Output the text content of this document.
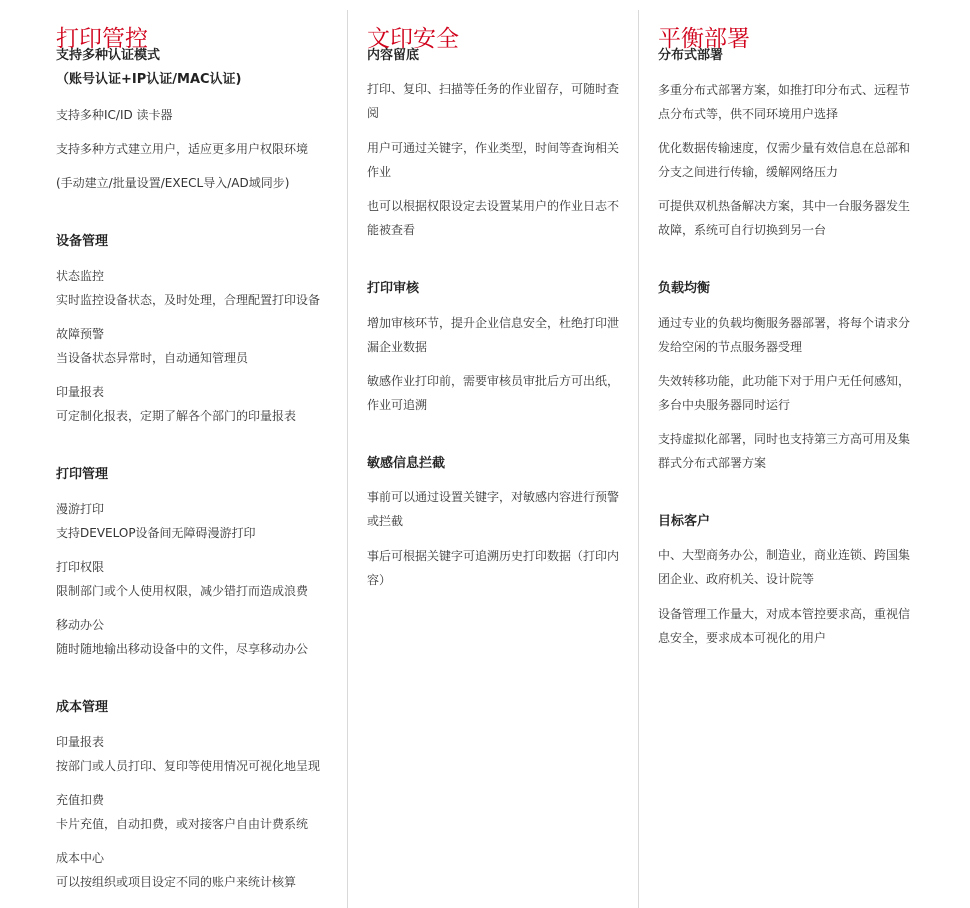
打印管控
支持多种认证模式
（账号认证+IP认证/MAC认证)
支持多种IC/ID 读卡器
支持多种方式建立用户，适应更多用户权限环境
(手动建立/批量设置/EXECL导入/AD域同步)
设备管理
状态监控
实时监控设备状态，及时处理，合理配置打印设备
故障预警
当设备状态异常时，自动通知管理员
印量报表
可定制化报表，定期了解各个部门的印量报表
打印管理
漫游打印
支持DEVELOP设备间无障碍漫游打印
打印权限
限制部门或个人使用权限，减少错打而造成浪费
移动办公
随时随地输出移动设备中的文件，尽享移动办公
成本管理
印量报表
按部门或人员打印、复印等使用情况可视化地呈现
充值扣费
卡片充值，自动扣费，或对接客户自由计费系统
成本中心
可以按组织或项目设定不同的账户来统计核算
文印安全
内容留底
打印、复印、扫描等任务的作业留存，可随时查
阅
用户可通过关键字，作业类型，时间等查询相关
作业
也可以根据权限设定去设置某用户的作业日志不
能被查看
打印审核
增加审核环节，提升企业信息安全，杜绝打印泄
漏企业数据
敏感作业打印前，需要审核员审批后方可出纸，
作业可追溯
敏感信息拦截
事前可以通过设置关键字，对敏感内容进行预警
或拦截
事后可根据关键字可追溯历史打印数据（打印内
容）
平衡部署
分布式部署
多重分布式部署方案，如推打印分布式、远程节
点分布式等，供不同环境用户选择
优化数据传输速度，仅需少量有效信息在总部和
分支之间进行传输，缓解网络压力
可提供双机热备解决方案，其中一台服务器发生
故障，系统可自行切换到另一台
负载均衡
通过专业的负载均衡服务器部署，将每个请求分
发给空闲的节点服务器受理
失效转移功能，此功能下对于用户无任何感知，
多台中央服务器同时运行
支持虚拟化部署，同时也支持第三方高可用及集
群式分布式部署方案
目标客户
中、大型商务办公，制造业，商业连锁、跨国集
团企业、政府机关、设计院等
设备管理工作量大，对成本管控要求高，重视信
息安全，要求成本可视化的用户
